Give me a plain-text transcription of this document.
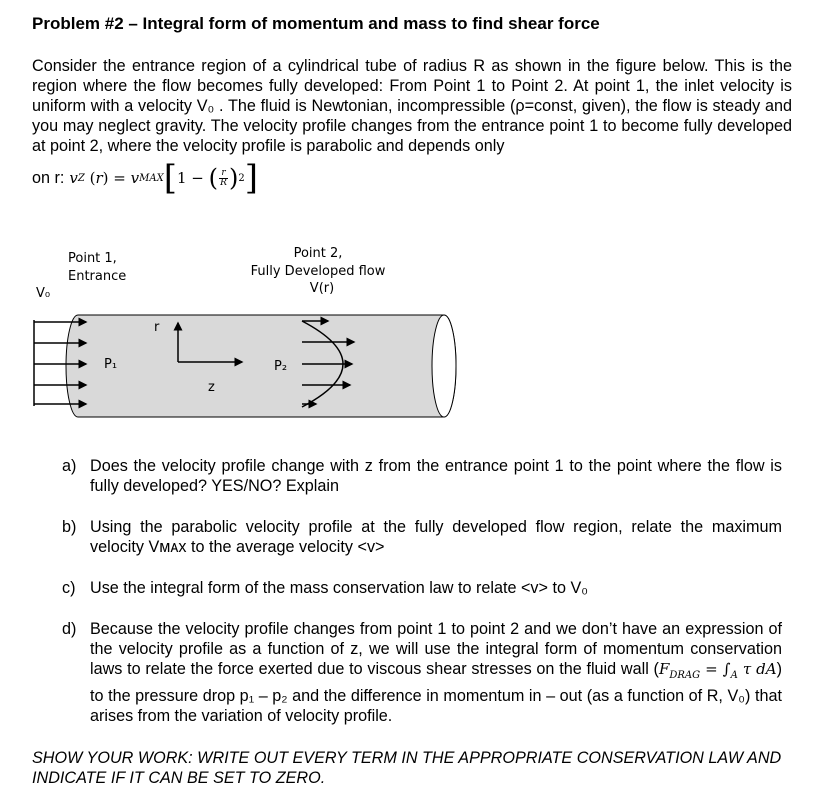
Problem #2 – Integral form of momentum and mass to find shear force
Consider the entrance region of a cylindrical tube of radius R as shown in the figure below. This is the region where the flow becomes fully developed: From Point 1 to Point 2. At point 1, the inlet velocity is uniform with a velocity V₀ . The fluid is Newtonian, incompressible (ρ=const, given), the flow is steady and you may neglect gravity. The velocity profile changes from the entrance point 1 to become fully developed at point 2, where the velocity profile is parabolic and depends only
on r: v Z
( r )
= v MAX [ 1 −
( $\frac{r}{R}$ ) 2 ]
Point 1,
Entrance
V₀
Point 2,
Fully Developed flow
V(r)
r
z
P₁	P₂
a) Does the velocity profile change with z from the entrance point 1 to the point where the flow is fully developed? YES/NO? Explain
b) Using the parabolic velocity profile at the fully developed flow region, relate the maximum velocity Vᴍᴀx to the average velocity <v>
c) Use the integral form of the mass conservation law to relate <v> to V₀
d) Because the velocity profile changes from point 1 to point 2 and we don’t have an expression of the velocity profile as a function of z, we will use the integral form of momentum conservation laws to relate the force exerted due to viscous shear stresses on the fluid wall ($F_{DRAG} = \int_A$ τ dA) to the pressure drop p₁ – p₂ and the difference in momentum in – out (as a function of R, V₀) that arises from the variation of velocity profile.
SHOW YOUR WORK: WRITE OUT EVERY TERM IN THE APPROPRIATE CONSERVATION LAW AND INDICATE IF IT CAN BE SET TO ZERO.
